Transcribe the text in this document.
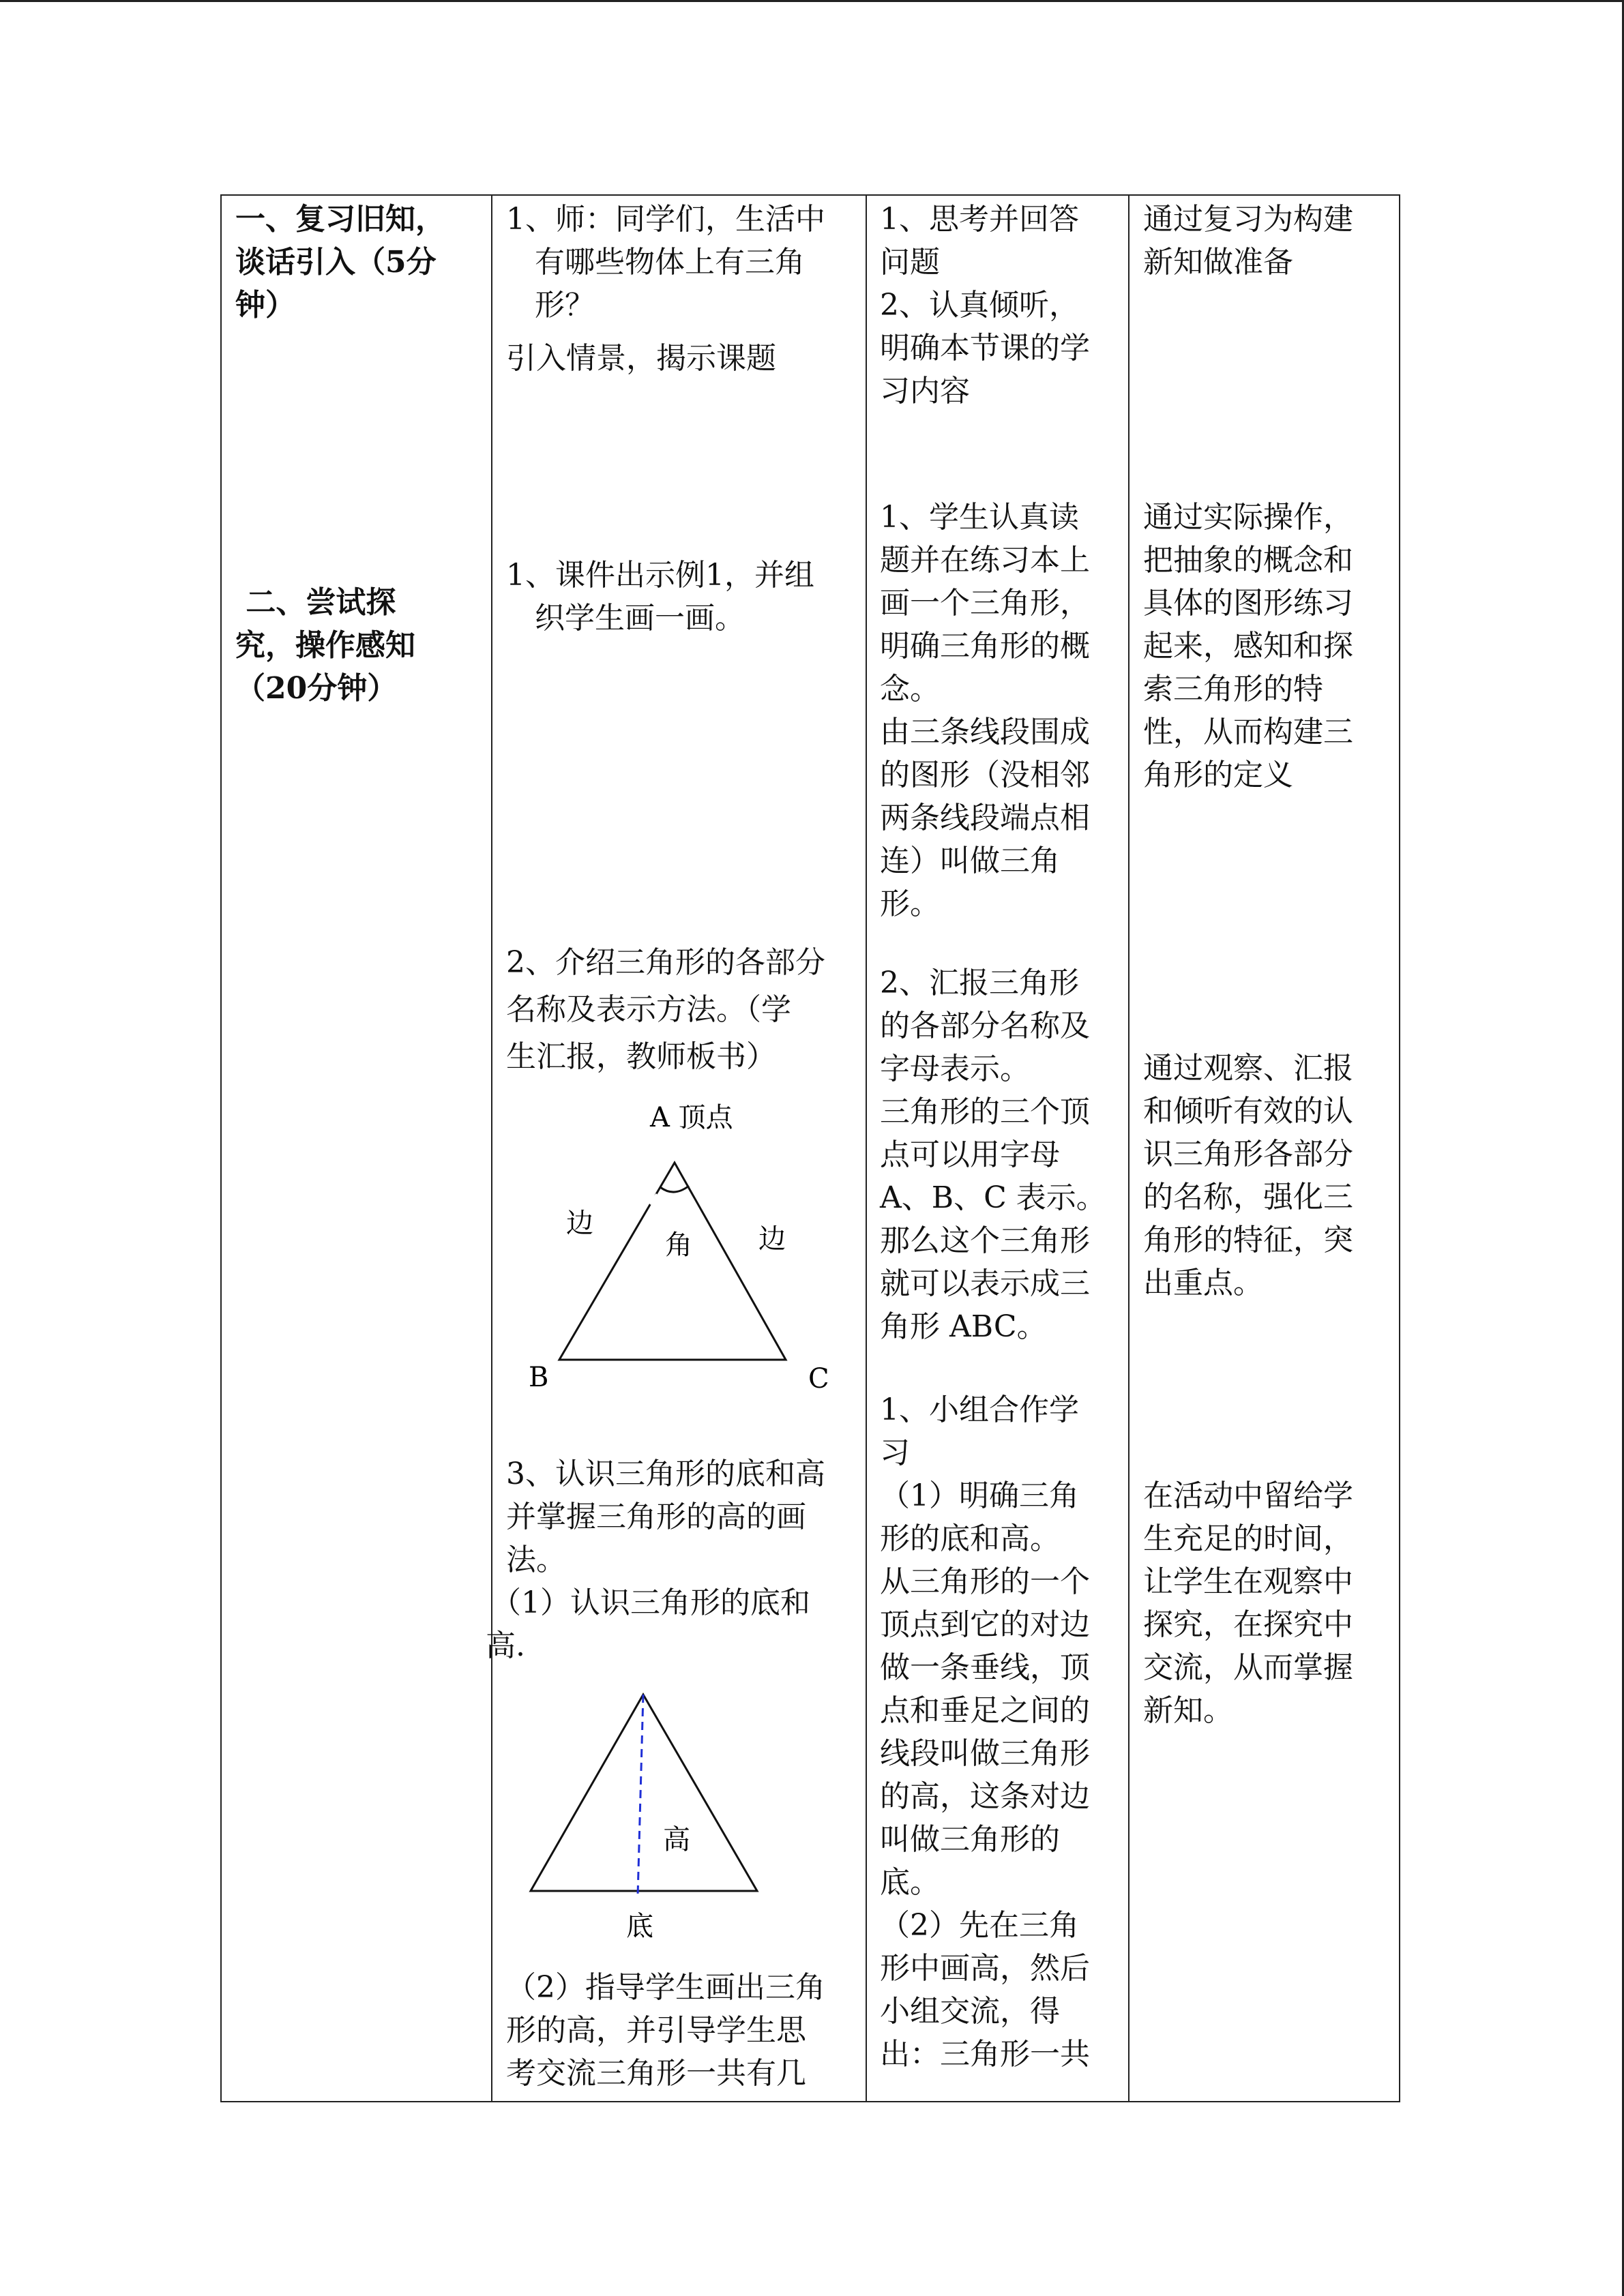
一、复习旧知，
谈话引入（5分
钟）
二、尝试探
究，操作感知
（20分钟）
1、师：同学们，生活中
有哪些物体上有三角
形？
引入情景，揭示课题
1、课件出示例1，并组
织学生画一画。
2、介绍三角形的各部分
名称及表示方法。（学
生汇报，教师板书）
A 顶点
边
角 边
B	C
3、认识三角形的底和高
并掌握三角形的高的画
法。
（1）认识三角形的底和
高.
高
底
（2）指导学生画出三角
形的高，并引导学生思
考交流三角形一共有几
1、思考并回答
问题
2、认真倾听，
明确本节课的学
习内容
1、学生认真读
题并在练习本上
画一个三角形，
明确三角形的概
念。
由三条线段围成
的图形（没相邻
两条线段端点相
连）叫做三角
形。
2、汇报三角形
的各部分名称及
字母表示。
三角形的三个顶
点可以用字母
A、B、C 表示。
那么这个三角形
就可以表示成三
角形 ABC。
1、小组合作学
习
（1）明确三角
形的底和高。
从三角形的一个
顶点到它的对边
做一条垂线，顶
点和垂足之间的
线段叫做三角形
的高，这条对边
叫做三角形的
底。
（2）先在三角
形中画高，然后
小组交流，得
出：三角形一共
通过复习为构建
新知做准备
通过实际操作，
把抽象的概念和
具体的图形练习
起来，感知和探
索三角形的特
性，从而构建三
角形的定义
通过观察、汇报
和倾听有效的认
识三角形各部分
的名称，强化三
角形的特征，突
出重点。
在活动中留给学
生充足的时间，
让学生在观察中
探究，在探究中
交流，从而掌握
新知。
